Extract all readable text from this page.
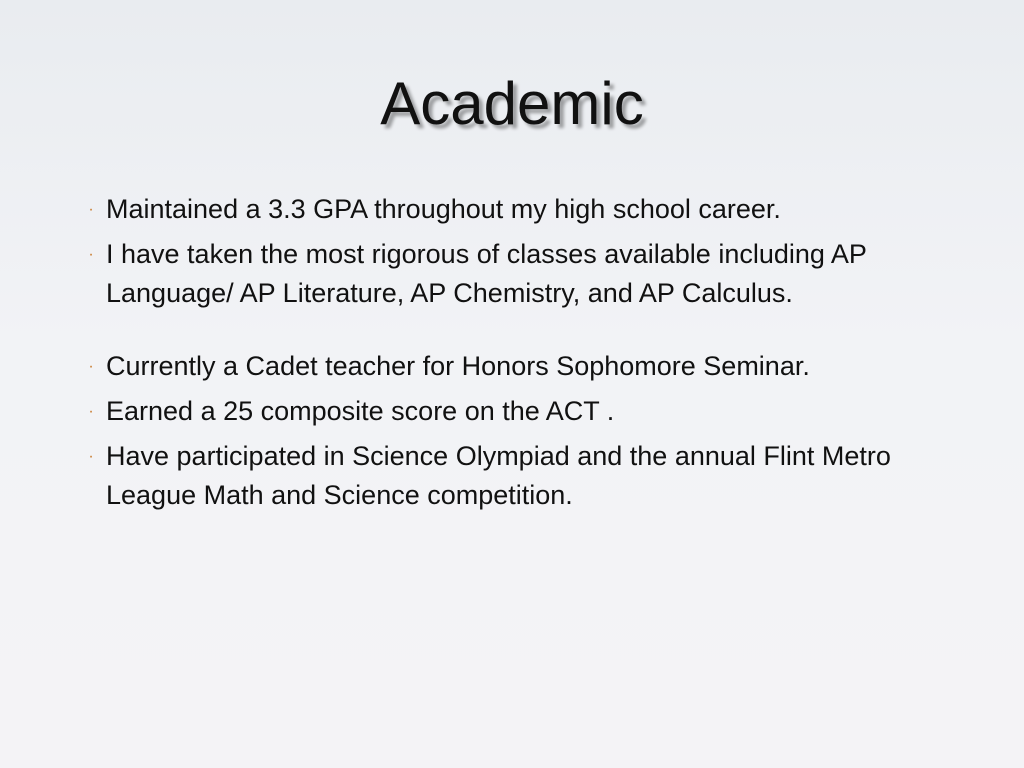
Academic
· Maintained a 3.3 GPA throughout my high school career.
· I have taken the most rigorous of classes available including AP Language/ AP Literature, AP Chemistry, and AP Calculus.
· Currently a Cadet teacher for Honors Sophomore Seminar.
· Earned a 25 composite score on the ACT .
· Have participated in Science Olympiad and the annual Flint Metro League Math and Science competition.
